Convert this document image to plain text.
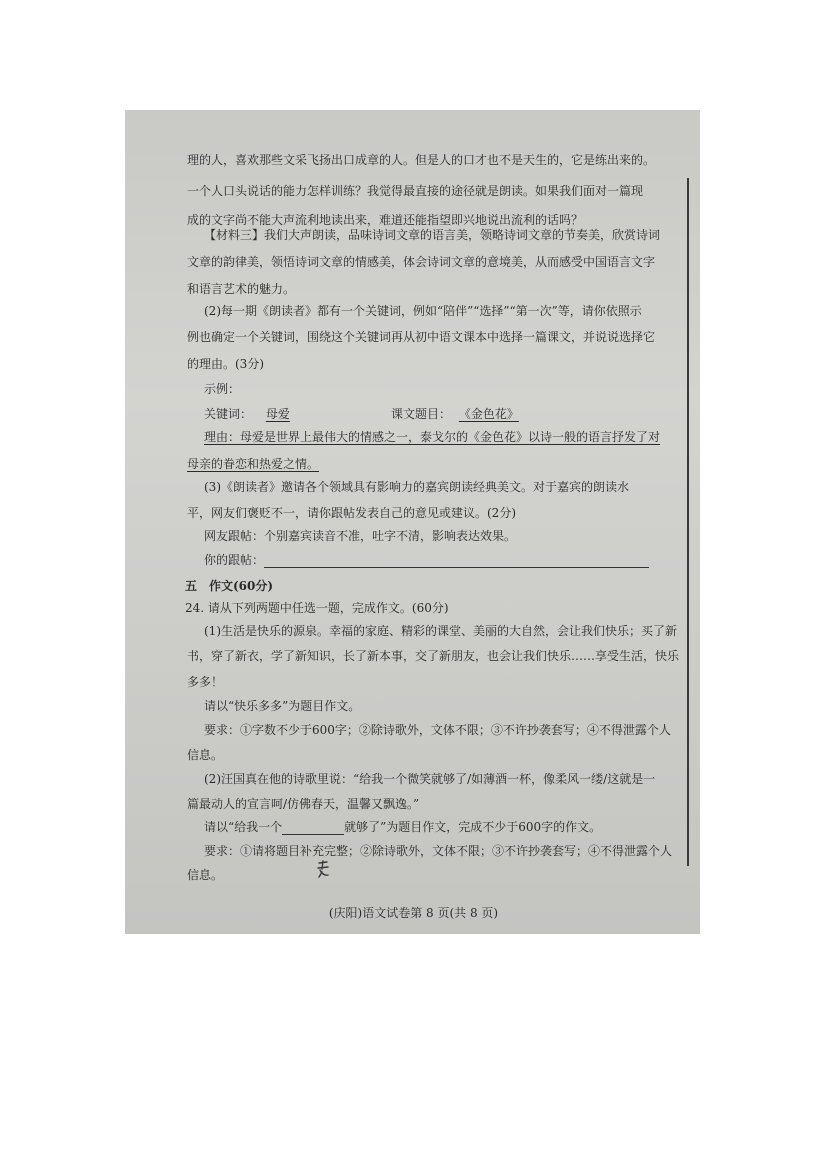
理的人，喜欢那些文采飞扬出口成章的人。但是人的口才也不是天生的，它是练出来的。
一个人口头说话的能力怎样训练？我觉得最直接的途径就是朗读。如果我们面对一篇现
成的文字尚不能大声流利地读出来，难道还能指望即兴地说出流利的话吗？
【材料三】我们大声朗读，品味诗词文章的语言美，领略诗词文章的节奏美，欣赏诗词
文章的韵律美，领悟诗词文章的情感美，体会诗词文章的意境美，从而感受中国语言文字
和语言艺术的魅力。
(2)每一期《朗读者》都有一个关键词，例如“陪伴”“选择”“第一次”等，请你依照示
例也确定一个关键词，围绕这个关键词再从初中语文课本中选择一篇课文，并说说选择它
的理由。(3分)
示例：
关键词： 母爱	课文题目： 《金色花》
理由：母爱是世界上最伟大的情感之一，泰戈尔的《金色花》以诗一般的语言抒发了对
母亲的眷恋和热爱之情。
(3)《朗读者》邀请各个领域具有影响力的嘉宾朗读经典美文。对于嘉宾的朗读水
平，网友们褒贬不一，请你跟帖发表自己的意见或建议。(2分)
网友跟帖：个别嘉宾读音不准，吐字不清，影响表达效果。
你的跟帖：
五　作文(60分)
24. 请从下列两题中任选一题，完成作文。(60分)
(1)生活是快乐的源泉。幸福的家庭、精彩的课堂、美丽的大自然，会让我们快乐；买了新
书，穿了新衣，学了新知识，长了新本事，交了新朋友，也会让我们快乐……享受生活，快乐
多多！
请以“快乐多多”为题目作文。
要求：①字数不少于600字；②除诗歌外，文体不限；③不许抄袭套写；④不得泄露个人
信息。
(2)汪国真在他的诗歌里说：“给我一个微笑就够了/如薄酒一杯，像柔风一缕/这就是一
篇最动人的宣言呵/仿佛春天，温馨又飘逸。”
请以“给我一个	就够了”为题目作文，完成不少于600字的作文。
要求：①请将题目补充完整；②除诗歌外，文体不限；③不许抄袭套写；④不得泄露个人
信息。
(庆阳)语文试卷第 8 页(共 8 页)
